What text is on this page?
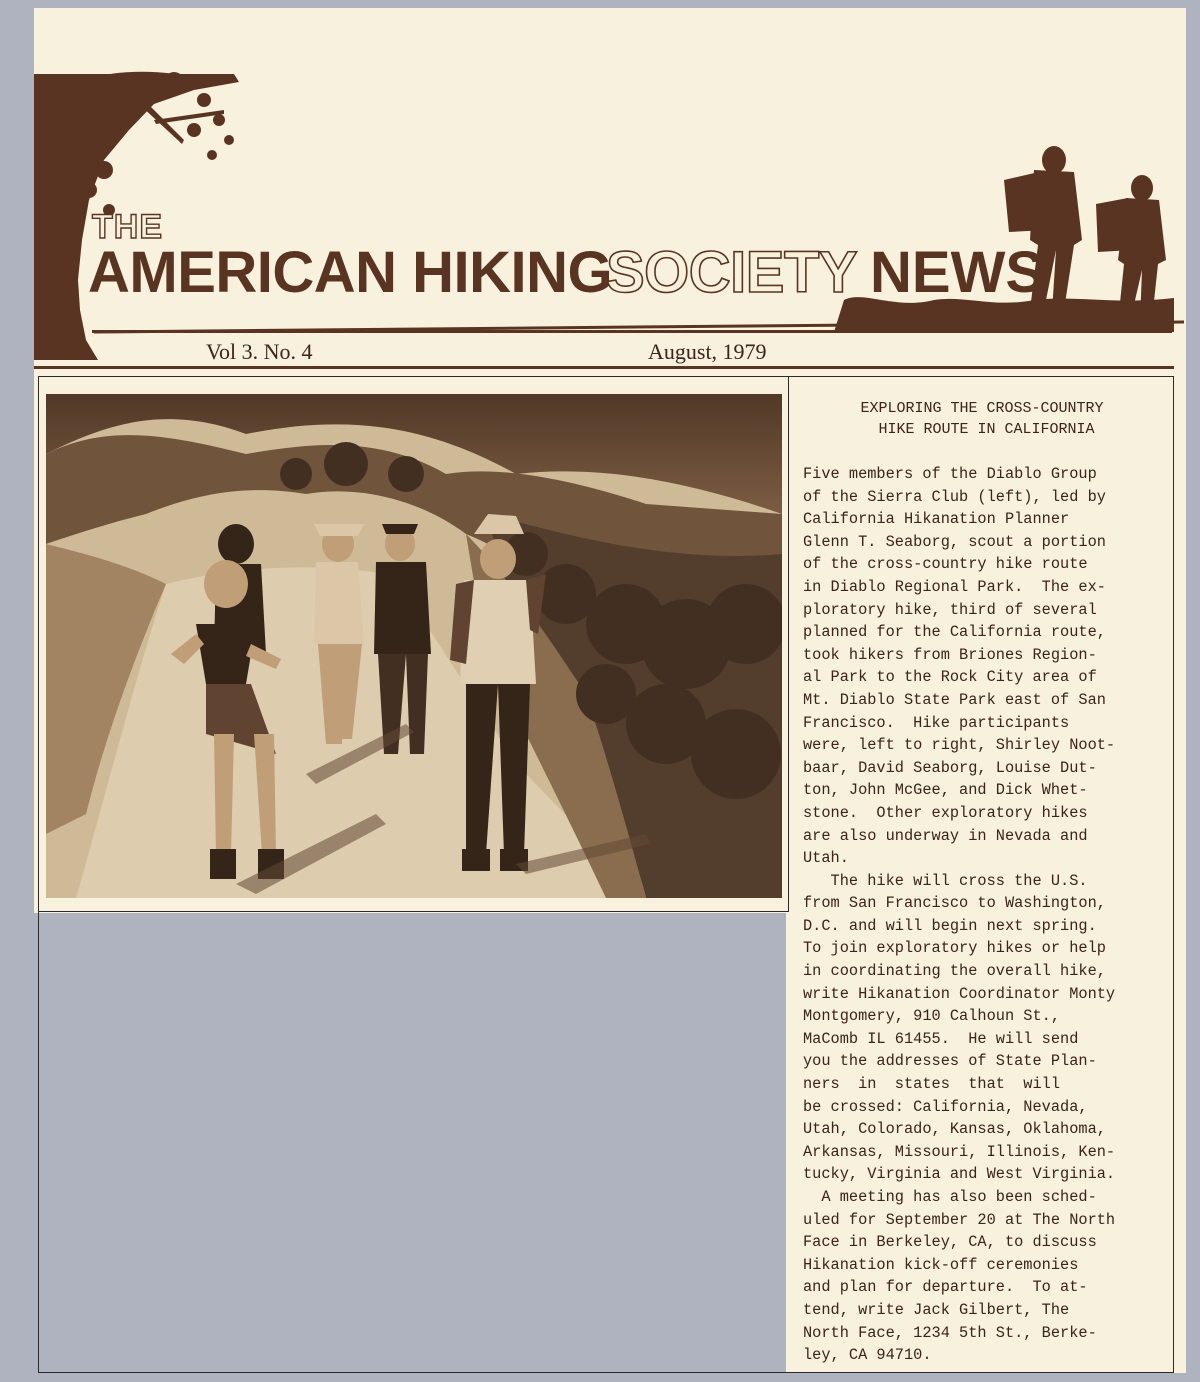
THE
AMERICAN HIKING
SOCIETY NEWS
Vol 3. No. 4	August, 1979
EXPLORING THE CROSS-COUNTRY
HIKE ROUTE IN CALIFORNIA
Five members of the Diablo Group
of the Sierra Club (left), led by
California Hikanation Planner
Glenn T. Seaborg, scout a portion
of the cross-country hike route
in Diablo Regional Park.  The ex-
ploratory hike, third of several
planned for the California route,
took hikers from Briones Region-
al Park to the Rock City area of
Mt. Diablo State Park east of San
Francisco.  Hike participants
were, left to right, Shirley Noot-
baar, David Seaborg, Louise Dut-
ton, John McGee, and Dick Whet-
stone.  Other exploratory hikes
are also underway in Nevada and
Utah.
The hike will cross the U.S.
from San Francisco to Washington,
D.C. and will begin next spring.
To join exploratory hikes or help
in coordinating the overall hike,
write Hikanation Coordinator Monty
Montgomery, 910 Calhoun St.,
MaComb IL 61455.  He will send
you the addresses of State Plan-
ners  in  states  that  will
be crossed: California, Nevada,
Utah, Colorado, Kansas, Oklahoma,
Arkansas, Missouri, Illinois, Ken-
tucky, Virginia and West Virginia.
A meeting has also been sched-
uled for September 20 at The North
Face in Berkeley, CA, to discuss
Hikanation kick-off ceremonies
and plan for departure.  To at-
tend, write Jack Gilbert, The
North Face, 1234 5th St., Berke-
ley, CA 94710.
